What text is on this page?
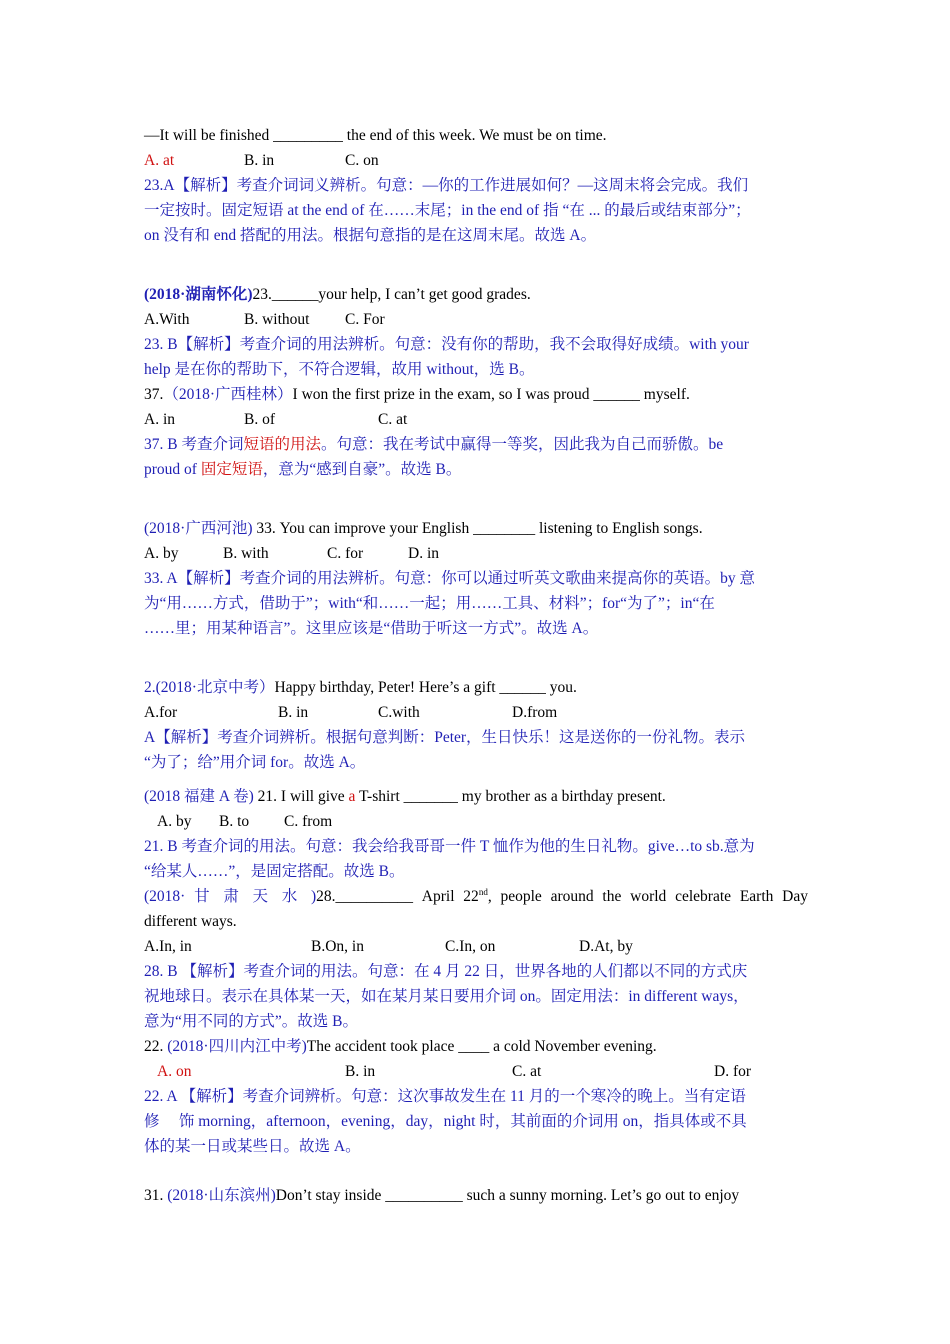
—It will be finished _________ the end of this week. We must be on time.
A. at	B. in	C. on
23.A【解析】考查介词词义辨析。句意：—你的工作进展如何？—这周末将会完成。我们
一定按时。固定短语 at the end of 在……末尾；in the end of 指 “在 ... 的最后或结束部分”；
on 没有和 end 搭配的用法。根据句意指的是在这周末尾。故选 A。
(2018·湖南怀化)23.______your help, I can’t get good grades.
A.With	B. without C. For
23. B【解析】考查介词的用法辨析。句意：没有你的帮助，我不会取得好成绩。with your
help 是在你的帮助下，不符合逻辑，故用 without，选 B。
37.（2018·广西桂林）I won the first prize in the exam, so I was proud ______ myself.
A. in	B. of	C. at
37. B 考查介词短语的用法。句意：我在考试中赢得一等奖，因此我为自己而骄傲。be
proud of 固定短语，意为“感到自豪”。故选 B。
(2018·广西河池) 33. You can improve your English ________ listening to English songs.
A. by	B. with	C. for	D. in
33. A【解析】考查介词的用法辨析。句意：你可以通过听英文歌曲来提高你的英语。by 意
为“用……方式，借助于”；with“和……一起；用……工具、材料”；for“为了”；in“在
……里；用某种语言”。这里应该是“借助于听这一方式”。故选 A。
2.(2018·北京中考）Happy birthday, Peter! Here’s a gift ______ you.
A.for	B. in	C.with	D.from
A【解析】考查介词辨析。根据句意判断：Peter，生日快乐！这是送你的一份礼物。表示
“为了；给”用介词 for。故选 A。
(2018 福建 A 卷) 21. I will give a T-shirt _______ my brother as a birthday present.
A. by B. to C. from
21. B 考查介词的用法。句意：我会给我哥哥一件 T 恤作为他的生日礼物。give…to sb.意为
“给某人……”，是固定搭配。故选 B。
(2018· 甘 肃 天 水 )28.__________ April 22nd, people around the world celebrate Earth Day
different ways.
A.In, in	B.On, in	C.In, on	D.At, by
28. B 【解析】考查介词的用法。句意：在 4 月 22 日，世界各地的人们都以不同的方式庆
祝地球日。表示在具体某一天，如在某月某日要用介词 on。固定用法：in different ways，
意为“用不同的方式”。故选 B。
22. (2018·四川内江中考)The accident took place ____ a cold November evening.
A. on	B. in	C. at	D. for
22. A 【解析】考查介词辨析。句意：这次事故发生在 11 月的一个寒冷的晚上。当有定语
修　 饰 morning，afternoon，evening，day，night 时，其前面的介词用 on，指具体或不具
体的某一日或某些日。故选 A。
31. (2018·山东滨州)Don’t stay inside __________ such a sunny morning. Let’s go out to enjoy
